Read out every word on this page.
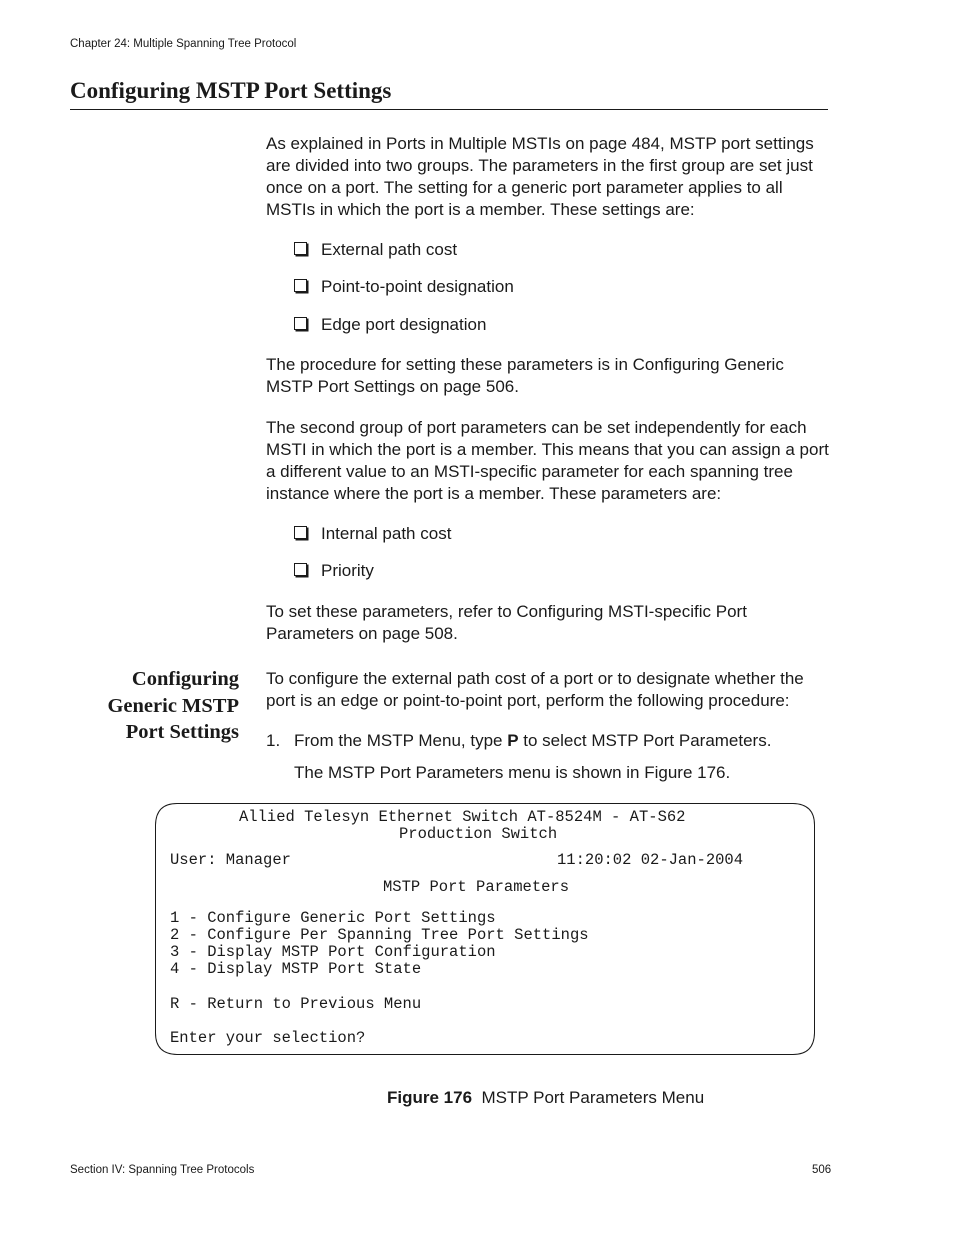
Chapter 24: Multiple Spanning Tree Protocol
Configuring MSTP Port Settings
As explained in Ports in Multiple MSTIs on page 484, MSTP port settings are divided into two groups. The parameters in the first group are set just once on a port. The setting for a generic port parameter applies to all MSTIs in which the port is a member. These settings are:
External path cost
Point-to-point designation
Edge port designation
The procedure for setting these parameters is in Configuring Generic MSTP Port Settings on page 506.
The second group of port parameters can be set independently for each MSTI in which the port is a member. This means that you can assign a port a different value to an MSTI-specific parameter for each spanning tree instance where the port is a member. These parameters are:
Internal path cost
Priority
To set these parameters, refer to Configuring MSTI-specific Port Parameters on page 508.
Configuring Generic MSTP Port Settings
To configure the external path cost of a port or to designate whether the port is an edge or point-to-point port, perform the following procedure:
1. From the MSTP Menu, type P to select MSTP Port Parameters.
The MSTP Port Parameters menu is shown in Figure 176.
Allied Telesyn Ethernet Switch AT-8524M - AT-S62
Production Switch
User: Manager	11:20:02 02-Jan-2004
MSTP Port Parameters
1 - Configure Generic Port Settings
2 - Configure Per Spanning Tree Port Settings
3 - Display MSTP Port Configuration
4 - Display MSTP Port State
R - Return to Previous Menu
Enter your selection?
Figure 176 MSTP Port Parameters Menu
Section IV: Spanning Tree Protocols	506
